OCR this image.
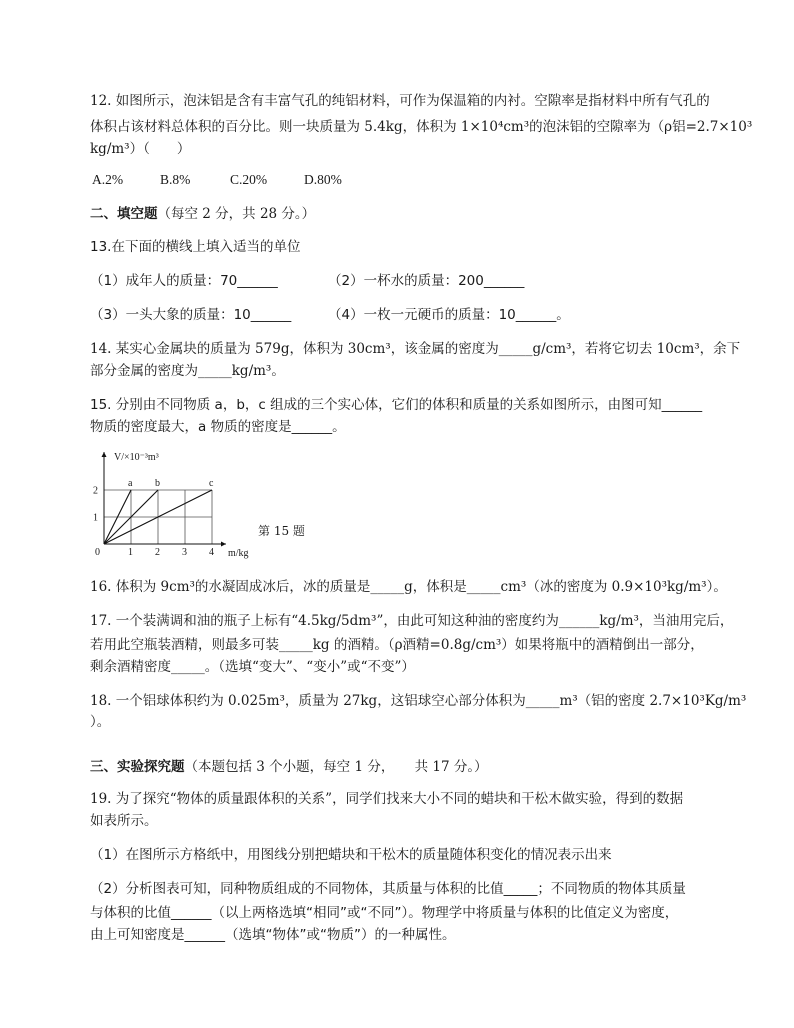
12. 如图所示，泡沫铝是含有丰富气孔的纯铝材料，可作为保温箱的内衬。空隙率是指材料中所有气孔的
体积占该材料总体积的百分比。则一块质量为 5.4kg，体积为 1×10⁴cm³的泡沫铝的空隙率为（ρ铝=2.7×10³
kg/m³）（　　）
A.2%	B.8%	C.20%	D.80%
二、填空题（每空 2 分，共 28 分。）
13.在下面的横线上填入适当的单位
（1）成年人的质量：70______	（2）一杯水的质量：200______
（3）一头大象的质量：10______	（4）一枚一元硬币的质量：10______。
14. 某实心金属块的质量为 579g，体积为 30cm³，该金属的密度为_____g/cm³，若将它切去 10cm³，余下
部分金属的密度为_____kg/m³。
15. 分别由不同物质 a，b，c 组成的三个实心体，它们的体积和质量的关系如图所示，由图可知______
物质的密度最大，a 物质的密度是______。
a b	c
0	1 2 3 4
1
2
V/×10⁻³m³
m/kg
第 15 题
16. 体积为 9cm³的水凝固成冰后，冰的质量是_____g，体积是_____cm³（冰的密度为 0.9×10³kg/m³）。
17. 一个装满调和油的瓶子上标有“4.5kg/5dm³”，由此可知这种油的密度约为______kg/m³，当油用完后，
若用此空瓶装酒精，则最多可装_____kg 的酒精。（ρ酒精=0.8g/cm³）如果将瓶中的酒精倒出一部分，
剩余酒精密度_____。（选填“变大”、“变小”或“不变”）
18. 一个铝球体积约为 0.025m³，质量为 27kg，这铝球空心部分体积为_____m³（铝的密度 2.7×10³Kg/m³
）。
三、实验探究题（本题包括 3 个小题，每空 1 分，　　共 17 分。）
19. 为了探究“物体的质量跟体积的关系”，同学们找来大小不同的蜡块和干松木做实验，得到的数据
如表所示。
（1）在图所示方格纸中，用图线分别把蜡块和干松木的质量随体积变化的情况表示出来
（2）分析图表可知，同种物质组成的不同物体，其质量与体积的比值_____；不同物质的物体其质量
与体积的比值______（以上两格选填“相同”或“不同”）。物理学中将质量与体积的比值定义为密度，
由上可知密度是______（选填“物体”或“物质”）的一种属性。
